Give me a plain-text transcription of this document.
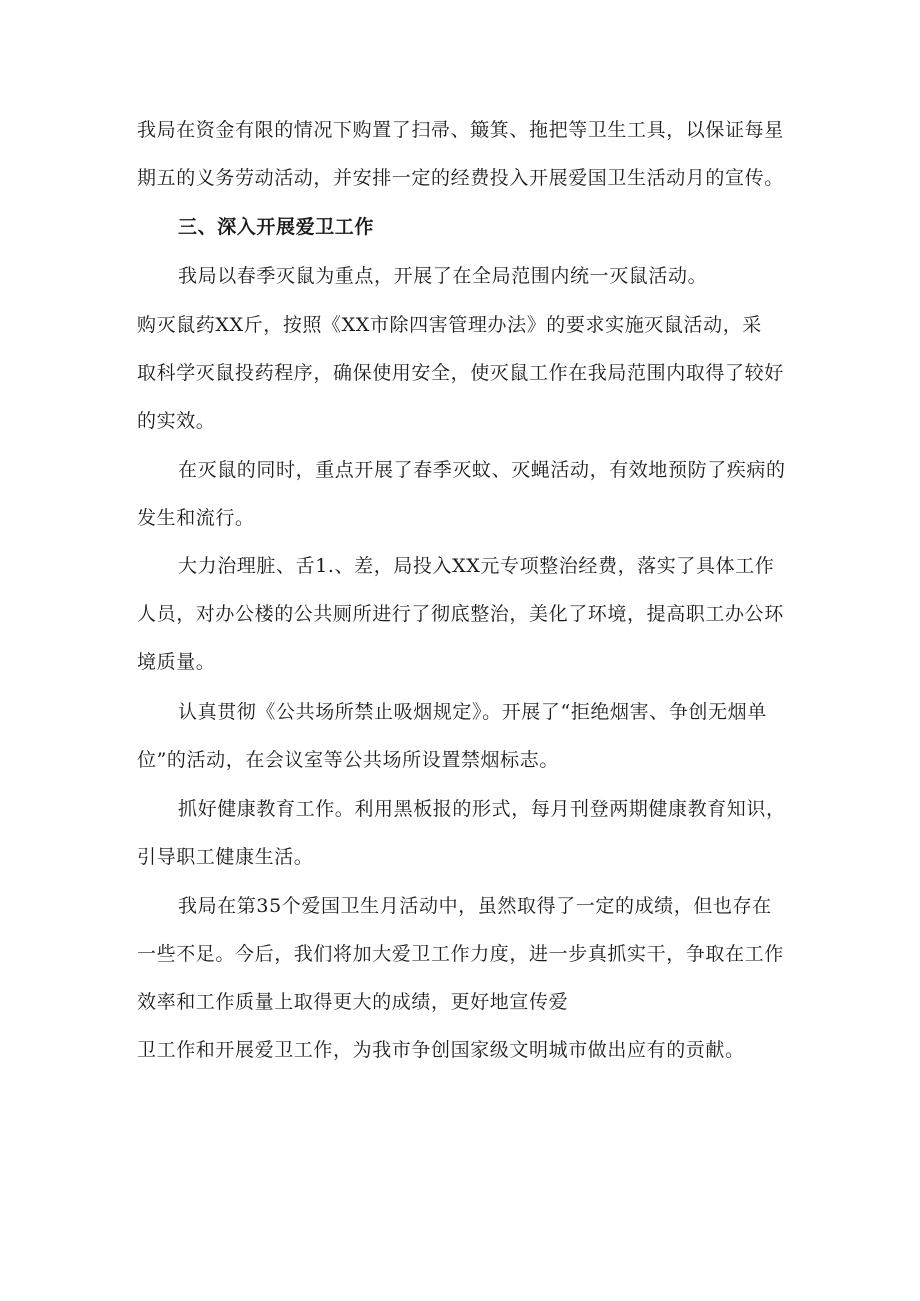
我局在资金有限的情况下购置了扫帚、簸箕、拖把等卫生工具，以保证每星
期五的义务劳动活动，并安排一定的经费投入开展爱国卫生活动月的宣传。
三、深入开展爱卫工作
我局以春季灭鼠为重点，开展了在全局范围内统一灭鼠活动。
购灭鼠药XX斤，按照《XX市除四害管理办法》的要求实施灭鼠活动，采
取科学灭鼠投药程序，确保使用安全，使灭鼠工作在我局范围内取得了较好
的实效。
在灭鼠的同时，重点开展了春季灭蚊、灭蝇活动，有效地预防了疾病的
发生和流行。
大力治理脏、舌1.、差，局投入XX元专项整治经费，落实了具体工作
人员，对办公楼的公共厕所进行了彻底整治，美化了环境，提高职工办公环
境质量。
认真贯彻《公共场所禁止吸烟规定》。开展了“拒绝烟害、争创无烟单
位”的活动，在会议室等公共场所设置禁烟标志。
抓好健康教育工作。利用黑板报的形式，每月刊登两期健康教育知识，
引导职工健康生活。
我局在第35个爱国卫生月活动中，虽然取得了一定的成绩，但也存在
一些不足。今后，我们将加大爱卫工作力度，进一步真抓实干，争取在工作
效率和工作质量上取得更大的成绩，更好地宣传爱
卫工作和开展爱卫工作，为我市争创国家级文明城市做出应有的贡献。
